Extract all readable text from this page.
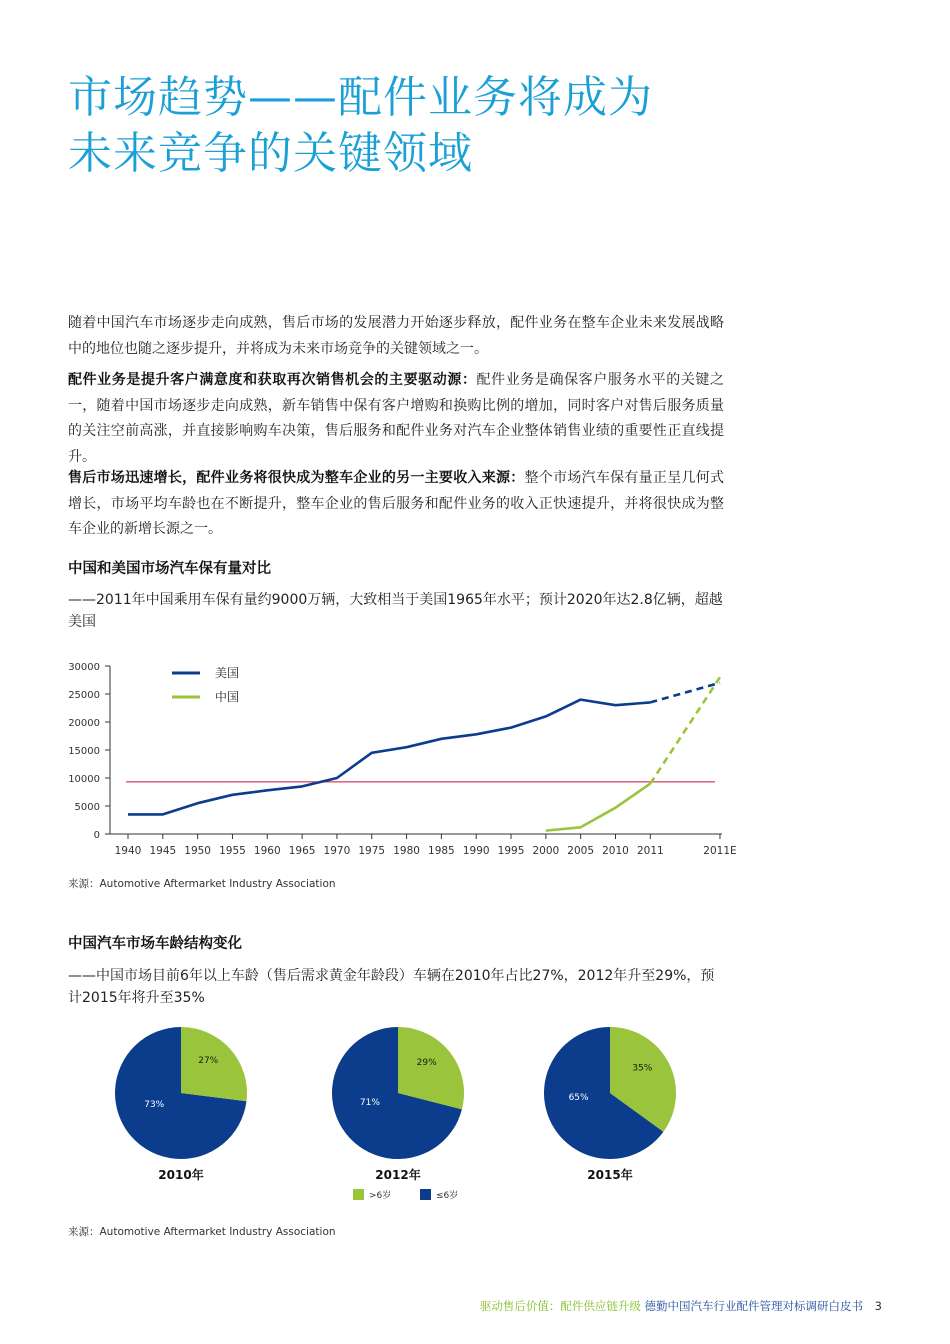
市场趋势——配件业务将成为
未来竞争的关键领域
随着中国汽车市场逐步走向成熟，售后市场的发展潜力开始逐步释放，配件业务在整车企业未来发展战略中的地位也随之逐步提升，并将成为未来市场竞争的关键领域之一。
配件业务是提升客户满意度和获取再次销售机会的主要驱动源：配件业务是确保客户服务水平的关键之一，随着中国市场逐步走向成熟，新车销售中保有客户增购和换购比例的增加，同时客户对售后服务质量的关注空前高涨，并直接影响购车决策，售后服务和配件业务对汽车企业整体销售业绩的重要性正直线提升。
售后市场迅速增长，配件业务将很快成为整车企业的另一主要收入来源：整个市场汽车保有量正呈几何式增长，市场平均车龄也在不断提升，整车企业的售后服务和配件业务的收入正快速提升，并将很快成为整车企业的新增长源之一。
中国和美国市场汽车保有量对比
——2011年中国乘用车保有量约9000万辆，大致相当于美国1965年水平；预计2020年达2.8亿辆，超越美国
0
5000
10000
15000
20000
25000
30000
1940 1945 1950 1955 1960 1965 1970 1975 1980 1985 1990 1995 2000 2005 2010 2011	2011E
美国
中国
来源：Automotive Aftermarket Industry Association
中国汽车市场车龄结构变化
——中国市场目前6年以上车龄（售后需求黄金年龄段）车辆在2010年占比27%，2012年升至29%，预计2015年将升至35%
27%
73%
2010年
29%
71%
2012年
35%
65%
2015年
>6岁	≤6岁
来源：Automotive Aftermarket Industry Association
驱动售后价值：配件供应链升级 德勤中国汽车行业配件管理对标调研白皮书 3
